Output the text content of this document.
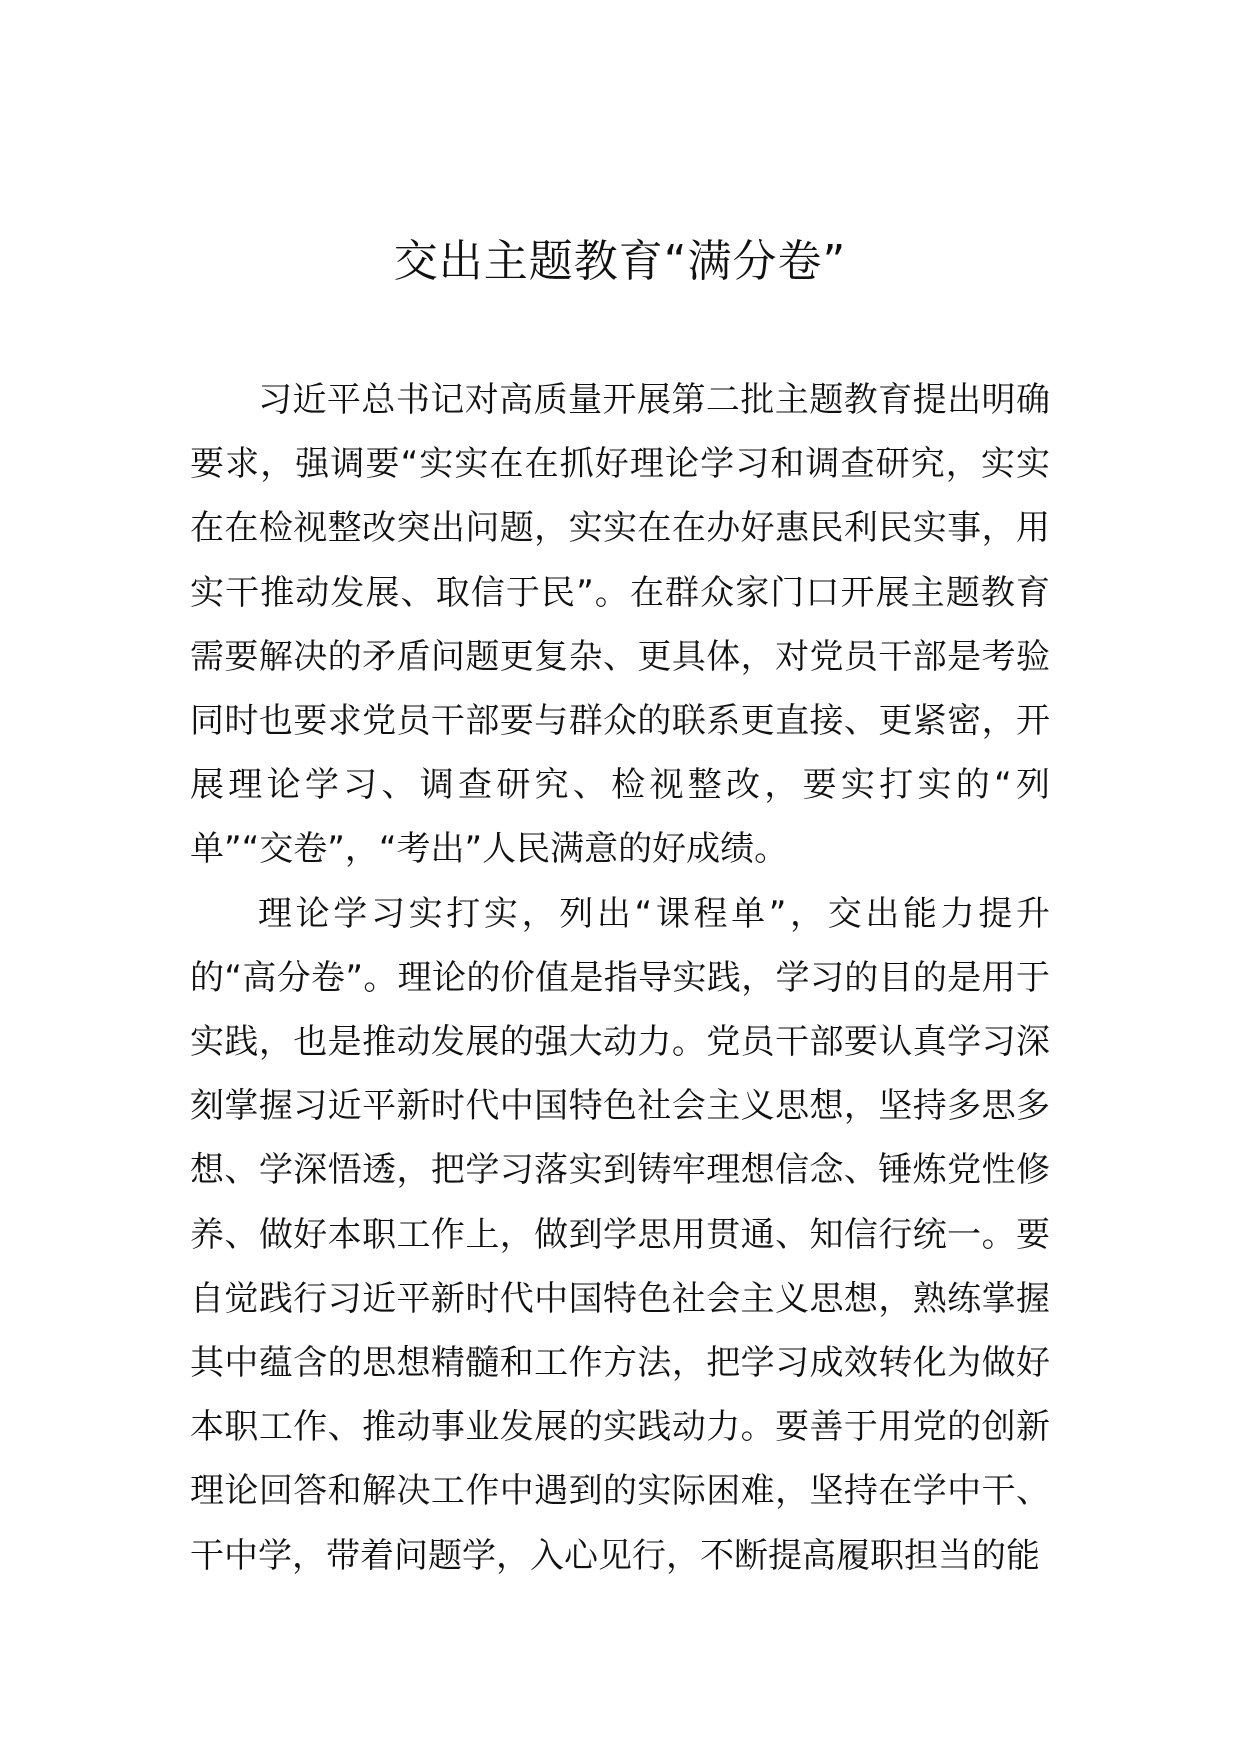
交出主题教育“满分卷”

习近平总书记对高质量开展第二批主题教育提出明确要求，强调要“实实在在抓好理论学习和调查研究，实实在在检视整改突出问题，实实在在办好惠民利民实事，用实干推动发展、取信于民”。在群众家门口开展主题教育需要解决的矛盾问题更复杂、更具体，对党员干部是考验同时也要求党员干部要与群众的联系更直接、更紧密，开展理论学习、调查研究、检视整改，要实打实的“列单”“交卷”，“考出”人民满意的好成绩。

理论学习实打实，列出“课程单”，交出能力提升的“高分卷”。理论的价值是指导实践，学习的目的是用于实践，也是推动发展的强大动力。党员干部要认真学习深刻掌握习近平新时代中国特色社会主义思想，坚持多思多想、学深悟透，把学习落实到铸牢理想信念、锤炼党性修养、做好本职工作上，做到学思用贯通、知信行统一。要自觉践行习近平新时代中国特色社会主义思想，熟练掌握其中蕴含的思想精髓和工作方法，把学习成效转化为做好本职工作、推动事业发展的实践动力。要善于用党的创新理论回答和解决工作中遇到的实际困难，坚持在学中干、干中学，带着问题学，入心见行，不断提高履职担当的能
